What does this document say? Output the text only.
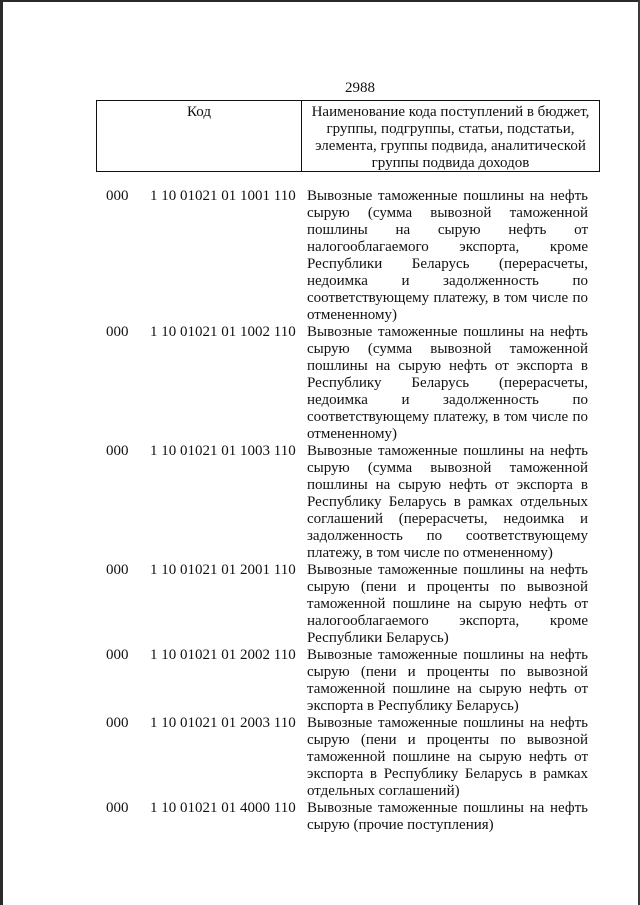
2988
Код	Наименование кода поступлений в бюджет, группы, подгруппы, статьи, подстатьи, элемента, группы подвида, аналитической группы подвида доходов
000 1 10 01021 01 1001 110 Вывозные таможенные пошлины на нефть сырую (сумма вывозной таможенной пошлины на сырую нефть от налогооблагаемого экспорта, кроме Республики Беларусь (перерасчеты, недоимка и задолженность по соответствующему платежу, в том числе по отмененному)
000 1 10 01021 01 1002 110 Вывозные таможенные пошлины на нефть сырую (сумма вывозной таможенной пошлины на сырую нефть от экспорта в Республику Беларусь (перерасчеты, недоимка и задолженность по соответствующему платежу, в том числе по отмененному)
000 1 10 01021 01 1003 110 Вывозные таможенные пошлины на нефть сырую (сумма вывозной таможенной пошлины на сырую нефть от экспорта в Республику Беларусь в рамках отдельных соглашений (перерасчеты, недоимка и задолженность по соответствующему платежу, в том числе по отмененному)
000 1 10 01021 01 2001 110 Вывозные таможенные пошлины на нефть сырую (пени и проценты по вывозной таможенной пошлине на сырую нефть от налогооблагаемого экспорта, кроме Республики Беларусь)
000 1 10 01021 01 2002 110 Вывозные таможенные пошлины на нефть сырую (пени и проценты по вывозной таможенной пошлине на сырую нефть от экспорта в Республику Беларусь)
000 1 10 01021 01 2003 110 Вывозные таможенные пошлины на нефть сырую (пени и проценты по вывозной таможенной пошлине на сырую нефть от экспорта в Республику Беларусь в рамках отдельных соглашений)
000 1 10 01021 01 4000 110 Вывозные таможенные пошлины на нефть сырую (прочие поступления)
